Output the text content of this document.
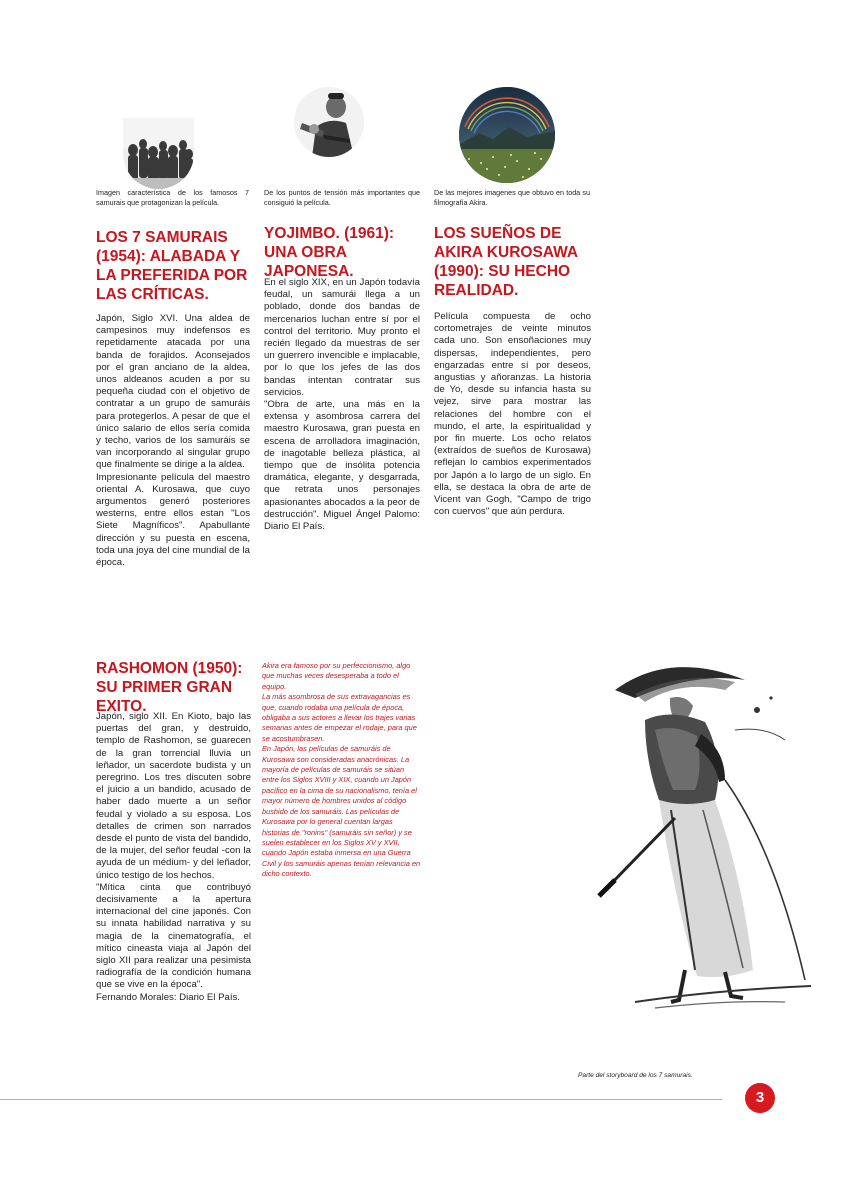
Imagen característica de los famosos 7 samurais que protagonizan la película.
De los puntos de tensión más importantes que consiguió la película.
De las mejores imagenes que obtuvo en toda su filmografía Akira.
LOS 7 SAMURAIS (1954): ALABADA Y LA PREFERIDA POR LAS CRÍTICAS.

Japón, Siglo XVI. Una aldea de campesinos muy indefensos es repetidamente atacada por una banda de forajidos. Aconsejados por el gran anciano de la aldea, unos aldeanos acuden a por su pequeña ciudad con el objetivo de contratar a un grupo de samuráis para protegerlos. A pesar de que el único salario de ellos sería comida y techo, varios de los samuráis se van incorporando al singular grupo que finalmente se dirige a la aldea.

Impresionante película del maestro oriental A. Kurosawa, que cuyo argumentos generó posteriores westerns, entre ellos estan "Los Siete Magníficos". Apabullante dirección y su puesta en escena, toda una joya del cine mundial de la época.

YOJIMBO. (1961): UNA OBRA JAPONESA.

En el siglo XIX, en un Japón todavía feudal, un samurái llega a un poblado, donde dos bandas de mercenarios luchan entre sí por el control del territorio. Muy pronto el recién llegado da muestras de ser un guerrero invencible e implacable, por lo que los jefes de las dos bandas intentan contratar sus servicios.

"Obra de arte, una más en la extensa y asombrosa carrera del maestro Kurosawa, gran puesta en escena de arrolladora imaginación, de inagotable belleza plástica, al tiempo que de insólita potencia dramática, elegante, y desgarrada, que retrata unos personajes apasionantes abocados a la peor de destrucción". Miguel Ángel Palomo: Diario El País.

LOS SUEÑOS DE AKIRA KUROSAWA (1990): SU HECHO REALIDAD.

Película compuesta de ocho cortometrajes de veinte minutos cada uno. Son ensoñaciones muy dispersas, independientes, pero engarzadas entre sí por deseos, angustias y añoranzas. La historia de Yo, desde su infancia hasta su vejez, sirve para mostrar las relaciones del hombre con el mundo, el arte, la espiritualidad y por fin muerte. Los ocho relatos (extraídos de sueños de Kurosawa) reflejan lo cambios experimentados por Japón a lo largo de un siglo. En ella, se destaca la obra de arte de Vicent van Gogh, "Campo de trigo con cuervos" que aún perdura.

RASHOMON (1950): SU PRIMER GRAN EXITO.

Japón, siglo XII. En Kioto, bajo las puertas del gran, y destruido, templo de Rashomon, se guarecen de la gran torrencial lluvia un leñador, un sacerdote budista y un peregrino. Los tres discuten sobre el juicio a un bandido, acusado de haber dado muerte a un señor feudal y violado a su esposa. Los detalles de crimen son narrados desde el punto de vista del bandido, de la mujer, del señor feudal -con la ayuda de un médium- y del leñador, único testigo de los hechos.

"Mítica cinta que contribuyó decisivamente a la apertura internacional del cine japonés. Con su innata habilidad narrativa y su magia de la cinematografía, el mítico cineasta viaja al Japón del siglo XII para realizar una pesimista radiografía de la condición humana que se vive en la época".

Fernando Morales: Diario El País.

Akira era famoso por su perfeccionismo, algo que muchas veces desesperaba a todo el equipo.

La más asombrosa de sus extravagancias es que, cuando rodaba una película de época, obligaba a sus actores a llevar los trajes varias semanas antes de empezar el rodaje, para que se acostumbrasen.

En Japón, las películas de samuráis de Kurosawa son consideradas anacrónicas. La mayoría de películas de samuráis se sitúan entre los Siglos XVIII y XIX, cuando un Japón pacífico en la cima de su nacionalismo, tenía el mayor número de hombres unidos al código bushido de los samuráis. Las películas de Kurosawa por lo general cuentan largas historias de "ronins" (samuráis sin señor) y se suelen establecer en los Siglos XV y XVII, cuando Japón estaba inmersa en una Guerra Civil y los samuráis apenas tenían relevancia en dicho contexto.

Parte del storyboard de los 7 samurais.
3
